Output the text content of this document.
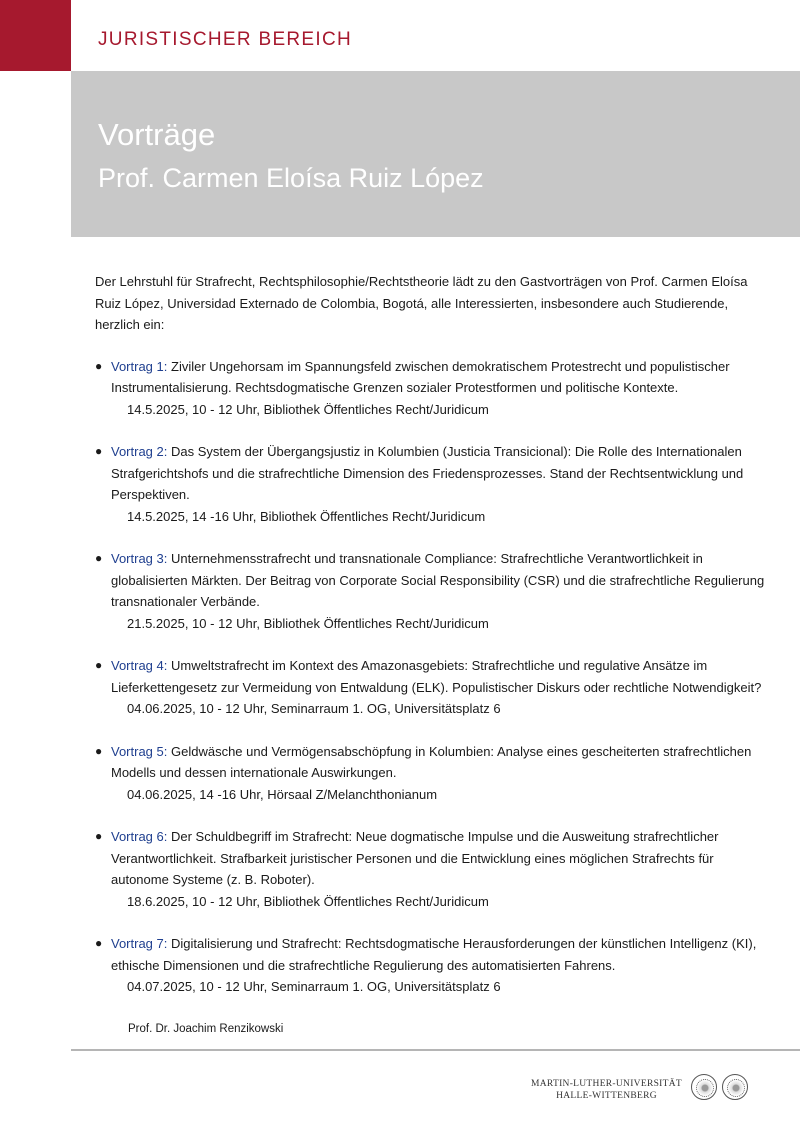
JURISTISCHER BEREICH
Vorträge
Prof. Carmen Eloísa Ruiz López

Der Lehrstuhl für Strafrecht, Rechtsphilosophie/Rechtstheorie lädt zu den Gastvorträgen von Prof. Carmen Eloísa Ruiz López, Universidad Externado de Colombia, Bogotá, alle Interessierten, insbesondere auch Studierende, herzlich ein:

● Vortrag 1: Ziviler Ungehorsam im Spannungsfeld zwischen demokratischem Protestrecht und populistischer Instrumentalisierung. Rechtsdogmatische Grenzen sozialer Protestformen und politische Kontexte.
14.5.2025, 10 - 12 Uhr, Bibliothek Öffentliches Recht/Juridicum
● Vortrag 2: Das System der Übergangsjustiz in Kolumbien (Justicia Transicional): Die Rolle des Internationalen Strafgerichtshofs und die strafrechtliche Dimension des Friedensprozesses. Stand der Rechtsentwicklung und Perspektiven.
14.5.2025, 14 -16 Uhr, Bibliothek Öffentliches Recht/Juridicum
● Vortrag 3: Unternehmensstrafrecht und transnationale Compliance: Strafrechtliche Verantwortlichkeit in globalisierten Märkten. Der Beitrag von Corporate Social Responsibility (CSR) und die strafrechtliche Regulierung transnationaler Verbände.
21.5.2025, 10 - 12 Uhr, Bibliothek Öffentliches Recht/Juridicum
● Vortrag 4: Umweltstrafrecht im Kontext des Amazonasgebiets: Strafrechtliche und regulative Ansätze im Lieferkettengesetz zur Vermeidung von Entwaldung (ELK). Populistischer Diskurs oder rechtliche Notwendigkeit?
04.06.2025, 10 - 12 Uhr, Seminarraum 1. OG, Universitätsplatz 6
● Vortrag 5: Geldwäsche und Vermögensabschöpfung in Kolumbien: Analyse eines gescheiterten strafrechtlichen Modells und dessen internationale Auswirkungen.
04.06.2025, 14 -16 Uhr, Hörsaal Z/Melanchthonianum
● Vortrag 6: Der Schuldbegriff im Strafrecht: Neue dogmatische Impulse und die Ausweitung strafrechtlicher Verantwortlichkeit. Strafbarkeit juristischer Personen und die Entwicklung eines möglichen Strafrechts für autonome Systeme (z. B. Roboter).
18.6.2025, 10 - 12 Uhr, Bibliothek Öffentliches Recht/Juridicum
● Vortrag 7: Digitalisierung und Strafrecht: Rechtsdogmatische Herausforderungen der künstlichen Intelligenz (KI), ethische Dimensionen und die strafrechtliche Regulierung des automatisierten Fahrens.
04.07.2025, 10 - 12 Uhr, Seminarraum 1. OG, Universitätsplatz 6
Prof. Dr. Joachim Renzikowski
MARTIN-LUTHER-UNIVERSITÄT
HALLE-WITTENBERG
